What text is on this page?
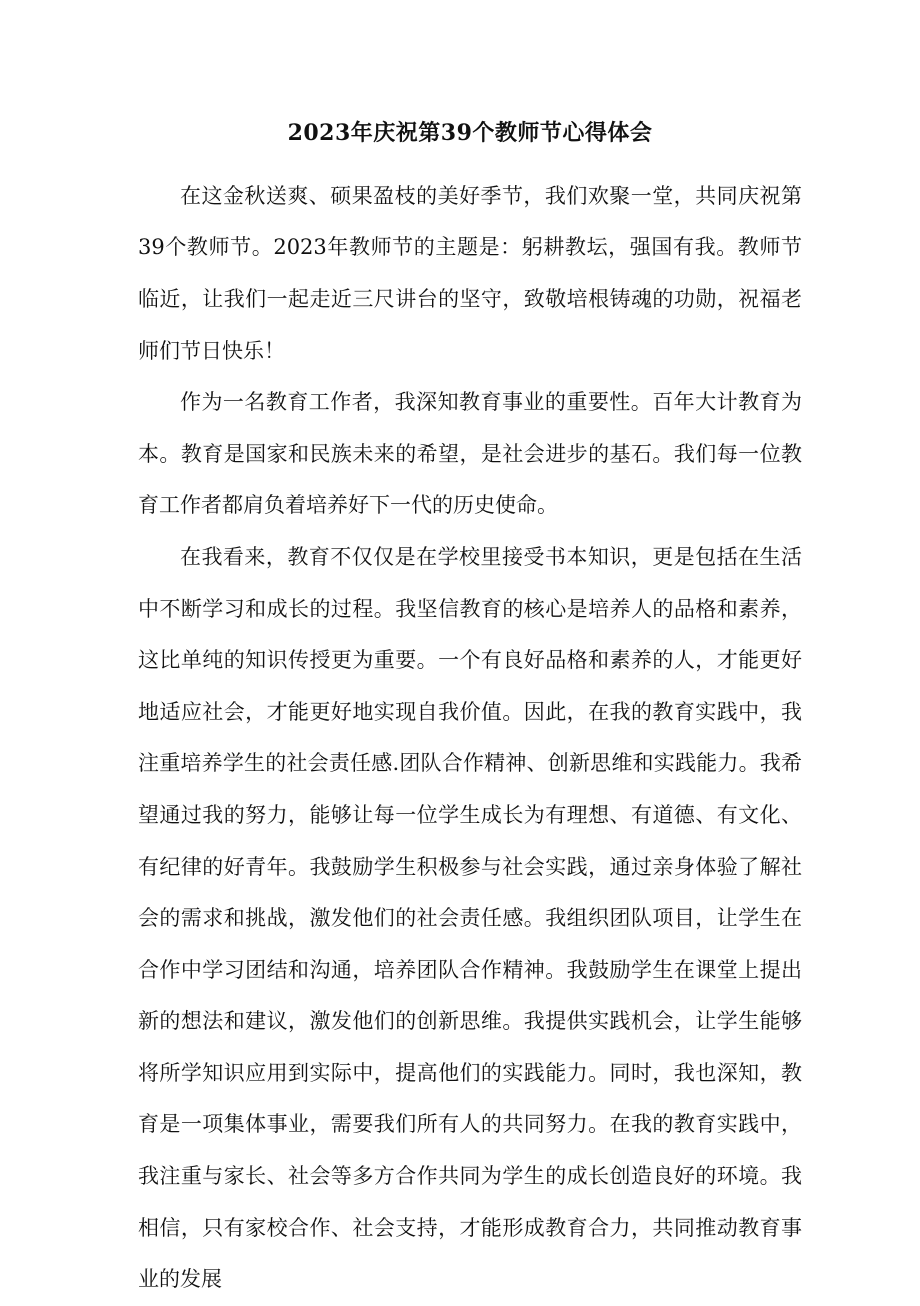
2023年庆祝第39个教师节心得体会

在这金秋送爽、硕果盈枝的美好季节，我们欢聚一堂，共同庆祝第39个教师节。2023年教师节的主题是：躬耕教坛，强国有我。教师节临近，让我们一起走近三尺讲台的坚守，致敬培根铸魂的功勋，祝福老师们节日快乐！

作为一名教育工作者，我深知教育事业的重要性。百年大计教育为本。教育是国家和民族未来的希望，是社会进步的基石。我们每一位教育工作者都肩负着培养好下一代的历史使命。

在我看来，教育不仅仅是在学校里接受书本知识，更是包括在生活中不断学习和成长的过程。我坚信教育的核心是培养人的品格和素养，这比单纯的知识传授更为重要。一个有良好品格和素养的人，才能更好地适应社会，才能更好地实现自我价值。因此，在我的教育实践中，我注重培养学生的社会责任感.团队合作精神、创新思维和实践能力。我希望通过我的努力，能够让每一位学生成长为有理想、有道德、有文化、有纪律的好青年。我鼓励学生积极参与社会实践，通过亲身体验了解社会的需求和挑战，激发他们的社会责任感。我组织团队项目，让学生在合作中学习团结和沟通，培养团队合作精神。我鼓励学生在课堂上提出新的想法和建议，激发他们的创新思维。我提供实践机会，让学生能够将所学知识应用到实际中，提高他们的实践能力。同时，我也深知，教育是一项集体事业，需要我们所有人的共同努力。在我的教育实践中，我注重与家长、社会等多方合作共同为学生的成长创造良好的环境。我相信，只有家校合作、社会支持，才能形成教育合力，共同推动教育事业的发展
